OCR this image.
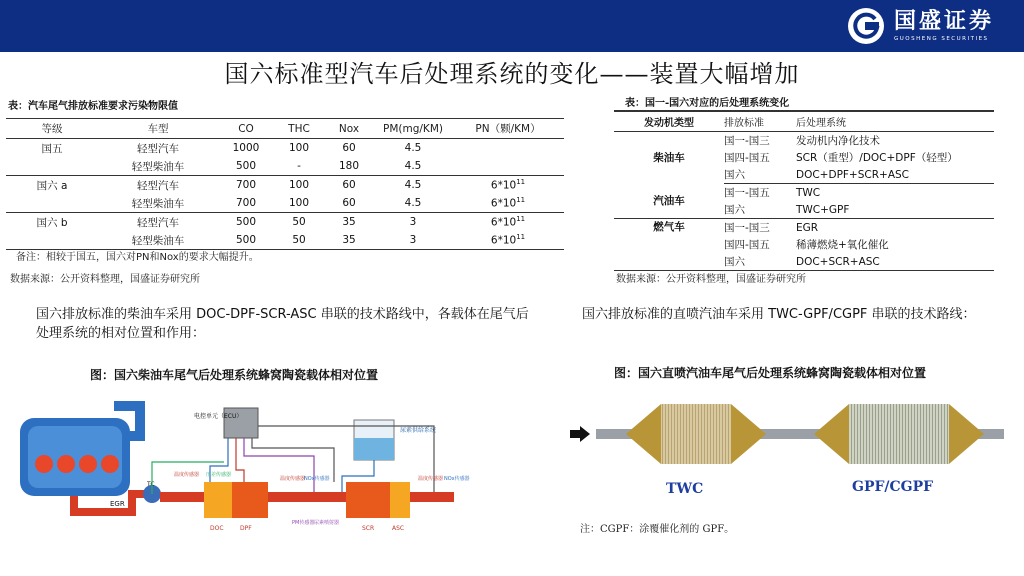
国盛证券
GUOSHENG SECURITIES
国六标准型汽车后处理系统的变化——装置大幅增加
表：汽车尾气排放标准要求污染物限值
等级	车型	CO	THC	Nox	PM(mg/KM)	PN（颗/KM）
国五	轻型汽车	1000	100	60	4.5	
	轻型柴油车	500	-	180	4.5	
国六 a	轻型汽车	700	100	60	4.5	$6*10^{11}$
	轻型柴油车	700	100	60	4.5	$6*10^{11}$
国六 b	轻型汽车	500	50	35	3	$6*10^{11}$
	轻型柴油车	500	50	35	3	$6*10^{11}$
备注：相较于国五，国六对PN和Nox的要求大幅提升。
数据来源：公开资料整理，国盛证券研究所
表：国一-国六对应的后处理系统变化
发动机类型	排放标准	后处理系统
柴油车	国一-国三	发动机内净化技术
	国四-国五	SCR（重型）/DOC+DPF（轻型）
	国六	DOC+DPF+SCR+ASC
汽油车	国一-国五	TWC
	国六	TWC+GPF
燃气车	国一-国三	EGR
	国四-国五	稀薄燃烧+氧化催化
	国六	DOC+SCR+ASC
数据来源：公开资料整理，国盛证券研究所
国六排放标准的柴油车采用 DOC-DPF-SCR-ASC 串联的技术路线中，各载体在尾气后处理系统的相对位置和作用：
国六排放标准的直喷汽油车采用 TWC-GPF/CGPF 串联的技术路线：
图：国六柴油车尾气后处理系统蜂窝陶瓷载体相对位置	图：国六直喷汽油车尾气后处理系统蜂窝陶瓷载体相对位置
TC
EGR
DOC	DPF	SCR	ASC
电控单元（ECU）
尿素供给系统
温度传感器
PM传感器
温度传感器
NOx传感器
尿素喷射器
温度传感器 NOx传感器
压差传感器
TWC	GPF/CGPF
注：CGPF：涂覆催化剂的 GPF。
